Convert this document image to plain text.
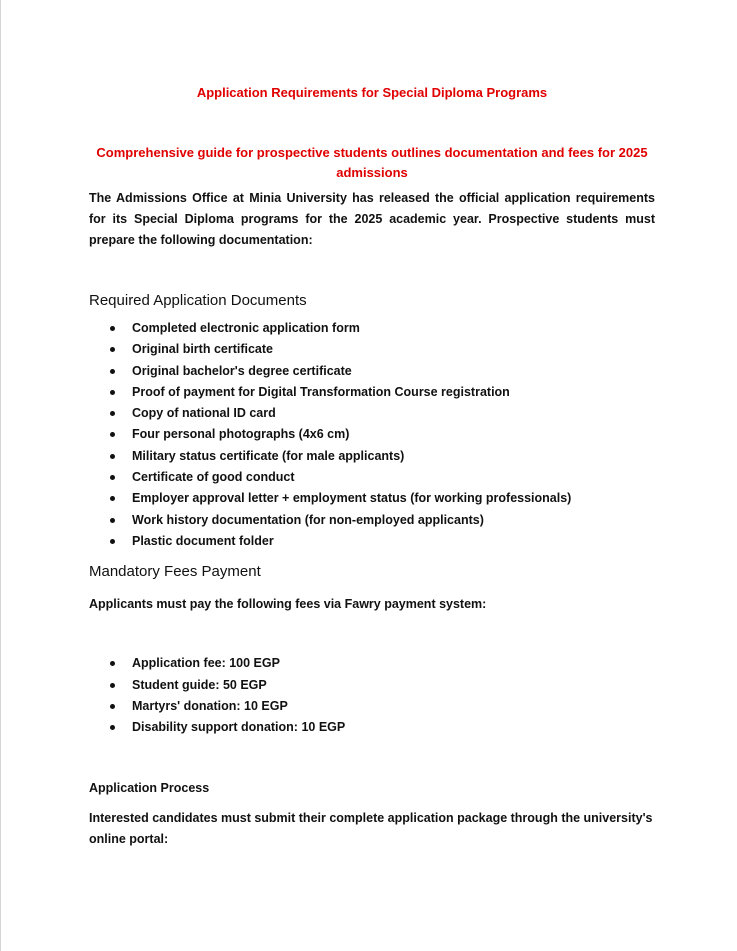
Application Requirements for Special Diploma Programs

Comprehensive guide for prospective students outlines documentation and fees for 2025 admissions

The Admissions Office at Minia University has released the official application requirements for its Special Diploma programs for the 2025 academic year. Prospective students must prepare the following documentation:

Required Application Documents
Completed electronic application form
Original birth certificate
Original bachelor's degree certificate
Proof of payment for Digital Transformation Course registration
Copy of national ID card
Four personal photographs (4x6 cm)
Military status certificate (for male applicants)
Certificate of good conduct
Employer approval letter + employment status (for working professionals)
Work history documentation (for non-employed applicants)
Plastic document folder
Mandatory Fees Payment

Applicants must pay the following fees via Fawry payment system:

Application fee: 100 EGP
Student guide: 50 EGP
Martyrs' donation: 10 EGP
Disability support donation: 10 EGP

Application Process

Interested candidates must submit their complete application package through the university's online portal:
